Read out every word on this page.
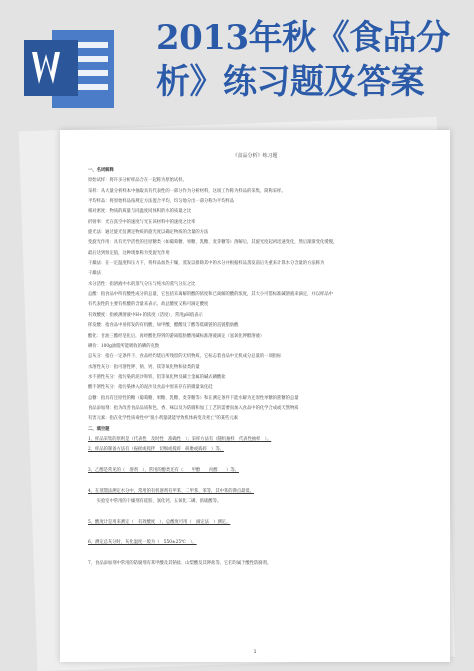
2013年秋《食品分析》练习题及答案
《食品分析》练习题
一、名词解释
原始试样：将许多分析样品合在一起称为原始试样。
采样：从大量分析样本中抽取具有代表性的一部分作为分析材料，这项工作称为样品的采集，简称采样。
平均样品：将原始样品按规定方法混合平均，均匀地分出一部分称为平均样品
相对密度：物质的质量与同温度同体积的水的质量之比
折射率：光在真空中的速度与光在该材料中的速度之比率
旋光法：通过旋光仪测定物质的旋光度以确定物质的含量的方法
变旋光作用：具有光学活性的还原糖类（如葡萄糖、果糖、乳糖、麦芽糖等）溶解后，其旋光度起初迅速变化，然后渐渐变化缓慢，
最后达到恒定值，这种现象称为变旋光作用
干燥法：在一定温度和压力下，将样品加热干燥，蒸发以排除其中的水分并根据样品蒸发前后失重来计算水分含量的方法称为
干燥法
水分活性：指溶液中水的蒸气分压与纯水的蒸气分压之比
总酸：指食品中所有酸性成分的总量，它包括未离解的酸的浓度和已离解的酸的浓度，其大小可借标准碱溶液来滴定，并以样品中
有代表性的主要有机酸的含量来表示，故总酸度又称可滴定酸度
有效酸度：指被测溶液中H+的浓度（活度），常用pH值表示
挥发酸：指食品中易挥发的有机酸，如甲酸、醋酸及丁酸等低碳链的直链脂肪酸
酯化：甘油三酯经皂化后，再经酸化得到的游离脂肪酸用碱标准溶液滴定（氢氧化钾醇溶液）
碘价：100g油脂所能吸收的碘的克数
总灰分：指在一定条件下，食品经灼烧后所残留的无机物质，它标志着食品中无机成分总量的一项指标
水溶性灰分：指可溶性钾、钠、钙、镁等氧化物和盐类的量
水不溶性灰分：指污染的泥沙和铁、铝等氧化物及碱土金属的碱式磷酸盐
酸不溶性灰分：指污染掺入的泥沙及食品中原来存在的微量氧化硅
总糖：指具有还原性的糖（葡萄糖、果糖、乳糖、麦芽糖等）和在测定条件下能水解为还原性单糖的蔗糖的总量
食品添加剂：指为改善食品品质和色、香、味以及为防腐和加工工艺的需要而加入食品中的化学合成或天然物质
有害元素：指在化学性质毒性中"很小剂量就能导致机体病变及死亡"的某些元素
二、填空题
1、样品采集的原则是（代表性　及时性　准确性　）；采样方法有（随机抽样　代表性抽样　）。
2、样品的制备方法有（振摇或搅拌　切细或搅碎　研磨或捣碎　）等。
3、乙醇是常见的（　溶剂　），常用的醇类还有（　　甲醇　　丙醇　　）等。
4、在蒸馏法测定水分中，常用的有机溶剂有甲苯、二甲苯、苯等，其中苯的沸点最低。
　　实验室中常用的干燥剂有硅胶、氯化钙、五氧化二磷、浓硫酸等。
5、酸度计是用来测定（　有效酸度　），总酸度可用（　滴定法　）测定。
6、测定总灰分时，灰化温度一般为（　550±25℃　）。
7、食品添加剂中常用的防腐剂有苯甲酸及其钠盐、山梨酸及其钾盐等，它们均属于酸性防腐剂。
1
